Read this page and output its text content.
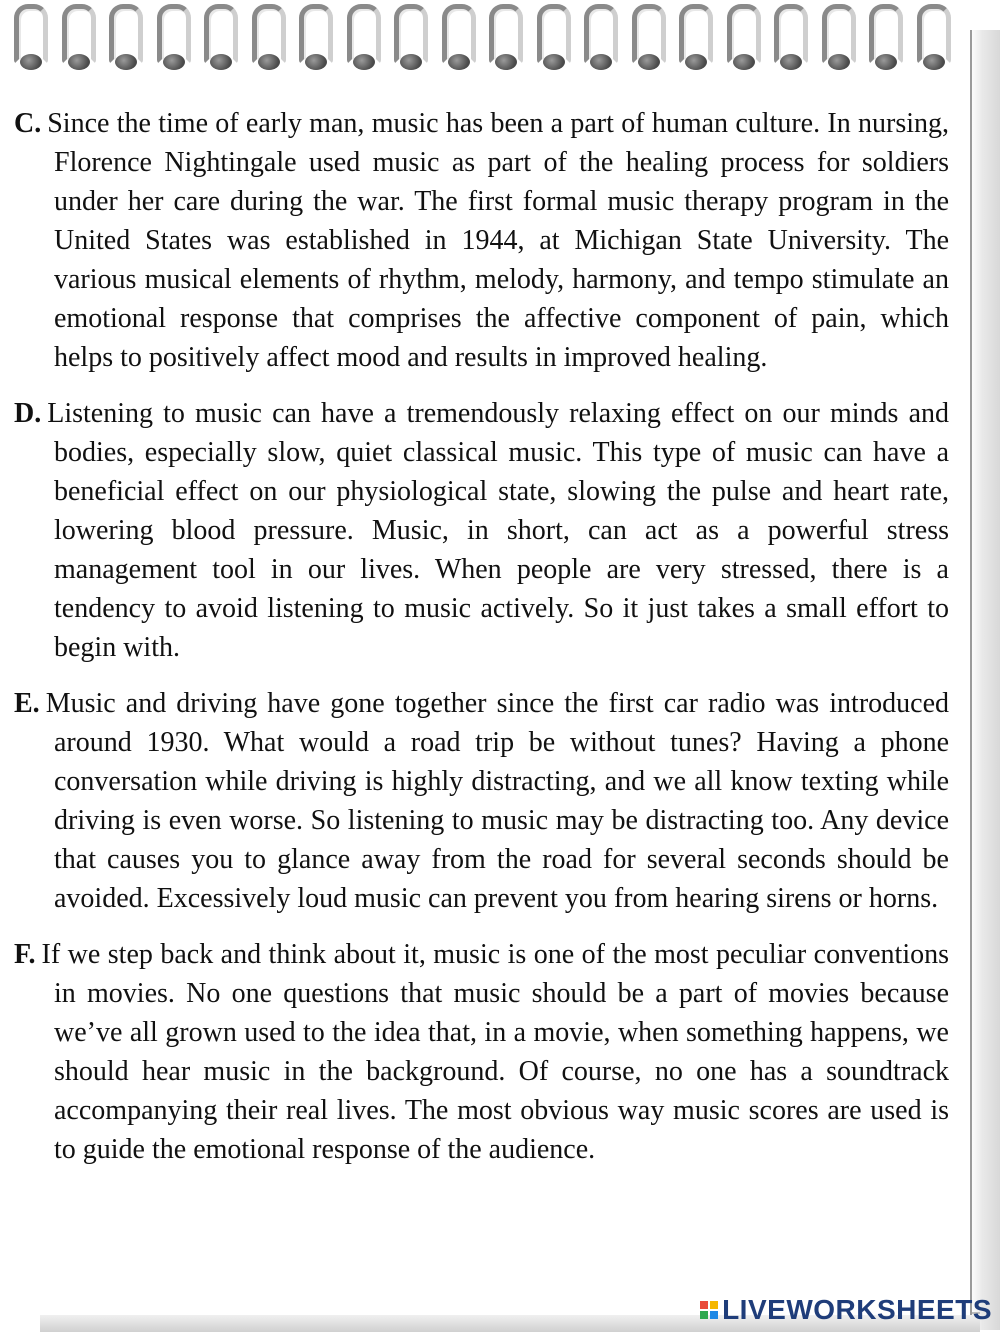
C. Since the time of early man, music has been a part of human culture. In nursing, Florence Nightingale used music as part of the healing process for soldiers under her care during the war. The first formal music therapy program in the United States was established in 1944, at Michigan State University. The various musical elements of rhythm, melody, harmony, and tempo stimulate an emotional response that comprises the affective component of pain, which helps to positively affect mood and results in improved healing.

D. Listening to music can have a tremendously relaxing effect on our minds and bodies, especially slow, quiet classical music. This type of music can have a beneficial effect on our physiological state, slowing the pulse and heart rate, lowering blood pressure. Music, in short, can act as a powerful stress management tool in our lives. When people are very stressed, there is a tendency to avoid listening to music actively. So it just takes a small effort to begin with.

E. Music and driving have gone together since the first car radio was introduced around 1930. What would a road trip be without tunes? Having a phone conversation while driving is highly distracting, and we all know texting while driving is even worse. So listening to music may be distracting too. Any device that causes you to glance away from the road for several seconds should be avoided. Excessively loud music can prevent you from hearing sirens or horns.

F. If we step back and think about it, music is one of the most peculiar conventions in movies. No one questions that music should be a part of movies because we’ve all grown used to the idea that, in a movie, when something happens, we should hear music in the background. Of course, no one has a soundtrack accompanying their real lives. The most obvious way music scores are used is to guide the emotional response of the audience.

LIVEWORKSHEETS
